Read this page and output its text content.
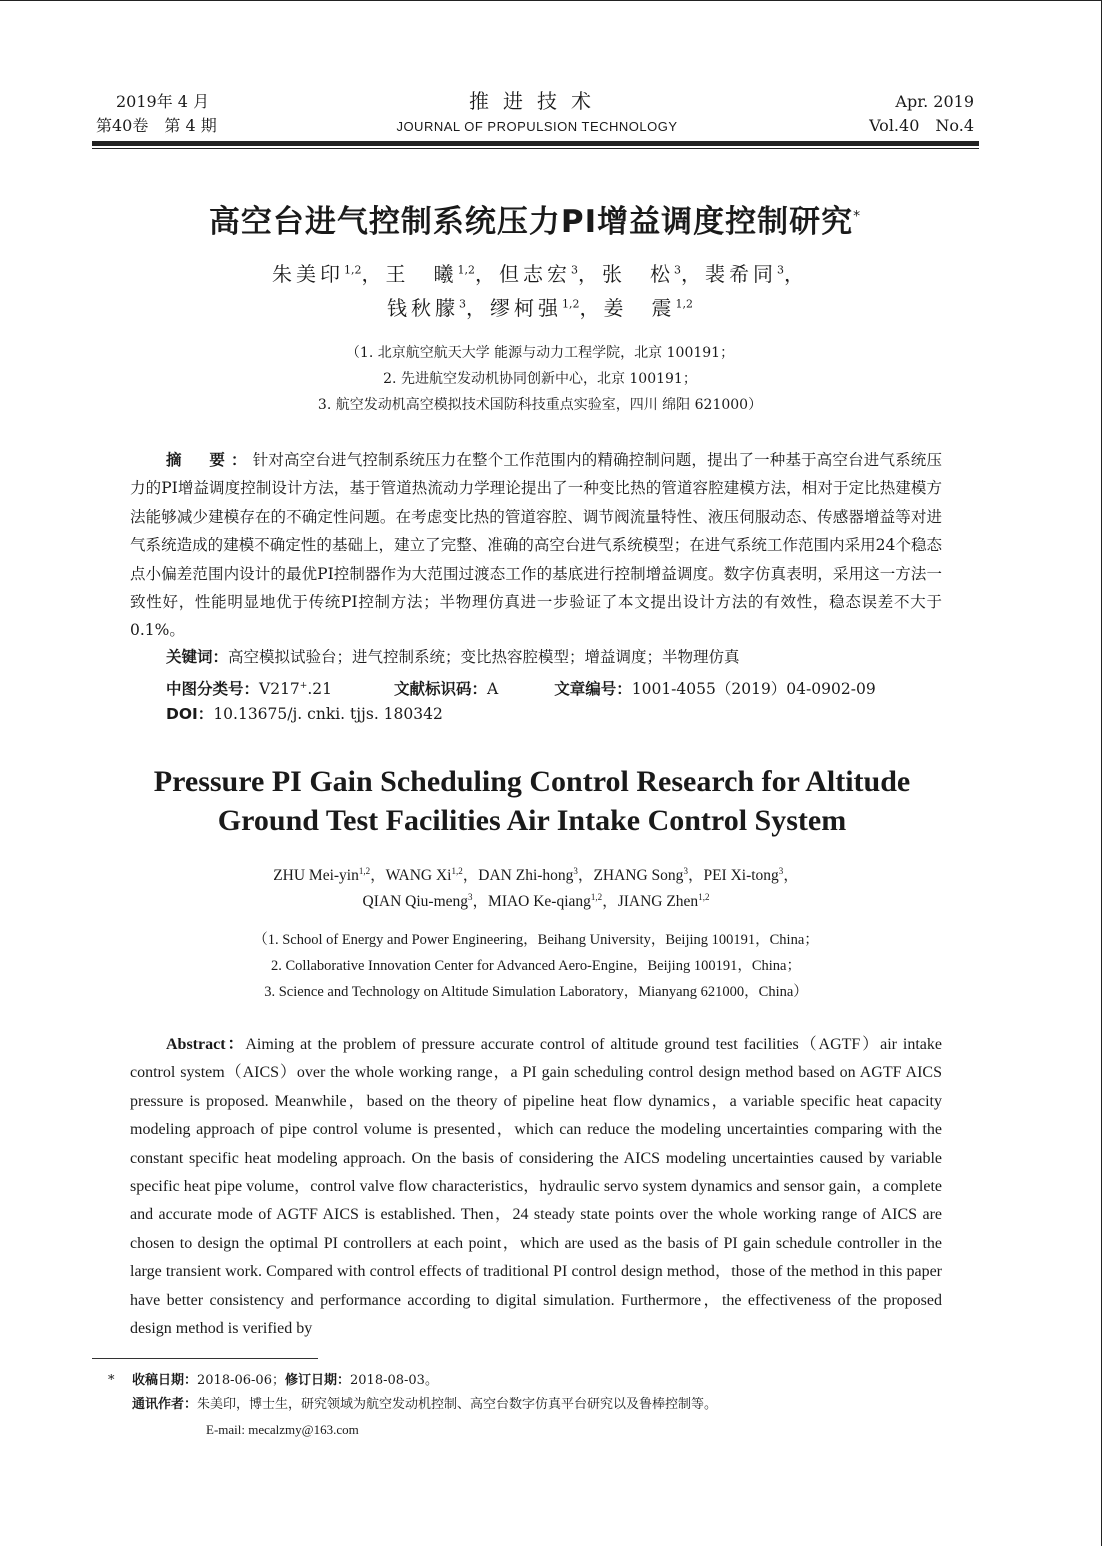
2019年 4 月
第40卷　第 4 期
推进技术
JOURNAL OF PROPULSION TECHNOLOGY
Apr. 2019
Vol.40　No.4
高空台进气控制系统压力PI增益调度控制研究*
朱美印$^{1,2}$，王　曦$^{1,2}$，但志宏$^3$，张　松$^3$，裴希同$^3$，
钱秋朦$^3$，缪柯强$^{1,2}$，姜　震$^{1,2}$
（1. 北京航空航天大学 能源与动力工程学院，北京 100191；
2. 先进航空发动机协同创新中心，北京 100191；
3. 航空发动机高空模拟技术国防科技重点实验室，四川 绵阳 621000）
摘　要：针对高空台进气控制系统压力在整个工作范围内的精确控制问题，提出了一种基于高空台进气系统压力的PI增益调度控制设计方法，基于管道热流动力学理论提出了一种变比热的管道容腔建模方法，相对于定比热建模方法能够减少建模存在的不确定性问题。在考虑变比热的管道容腔、调节阀流量特性、液压伺服动态、传感器增益等对进气系统造成的建模不确定性的基础上，建立了完整、准确的高空台进气系统模型；在进气系统工作范围内采用24个稳态点小偏差范围内设计的最优PI控制器作为大范围过渡态工作的基底进行控制增益调度。数字仿真表明，采用这一方法一致性好，性能明显地优于传统PI控制方法；半物理仿真进一步验证了本文提出设计方法的有效性，稳态误差不大于0.1%。
关键词：高空模拟试验台；进气控制系统；变比热容腔模型；增益调度；半物理仿真
中图分类号：V217+.21	文献标识码：A	文章编号：1001-4055（2019）04-0902-09
DOI：10.13675/j. cnki. tjjs. 180342
Pressure PI Gain Scheduling Control Research for Altitude
Ground Test Facilities Air Intake Control System
ZHU Mei-yin$^{1,2}$，WANG Xi$^{1,2}$，DAN Zhi-hong$^3$，ZHANG Song$^3$，PEI Xi-tong$^3$，
QIAN Qiu-meng$^3$，MIAO Ke-qiang$^{1,2}$，JIANG Zhen$^{1,2}$
（1. School of Energy and Power Engineering，Beihang University，Beijing 100191，China；
2. Collaborative Innovation Center for Advanced Aero-Engine，Beijing 100191，China；
3. Science and Technology on Altitude Simulation Laboratory，Mianyang 621000，China）
Abstract：Aiming at the problem of pressure accurate control of altitude ground test facilities（AGTF）air intake control system（AICS）over the whole working range，a PI gain scheduling control design method based on AGTF AICS pressure is proposed. Meanwhile，based on the theory of pipeline heat flow dynamics，a variable specific heat capacity modeling approach of pipe control volume is presented，which can reduce the modeling uncertainties comparing with the constant specific heat modeling approach. On the basis of considering the AICS modeling uncertainties caused by variable specific heat pipe volume，control valve flow characteristics，hydraulic servo system dynamics and sensor gain，a complete and accurate mode of AGTF AICS is established. Then，24 steady state points over the whole working range of AICS are chosen to design the optimal PI controllers at each point，which are used as the basis of PI gain schedule controller in the large transient work. Compared with control effects of traditional PI control design method，those of the method in this paper have better consistency and performance according to digital simulation. Furthermore，the effectiveness of the proposed design method is verified by
* 收稿日期：2018-06-06；修订日期：2018-08-03。
通讯作者：朱美印，博士生，研究领域为航空发动机控制、高空台数字仿真平台研究以及鲁棒控制等。
E-mail: mecalzmy@163.com
